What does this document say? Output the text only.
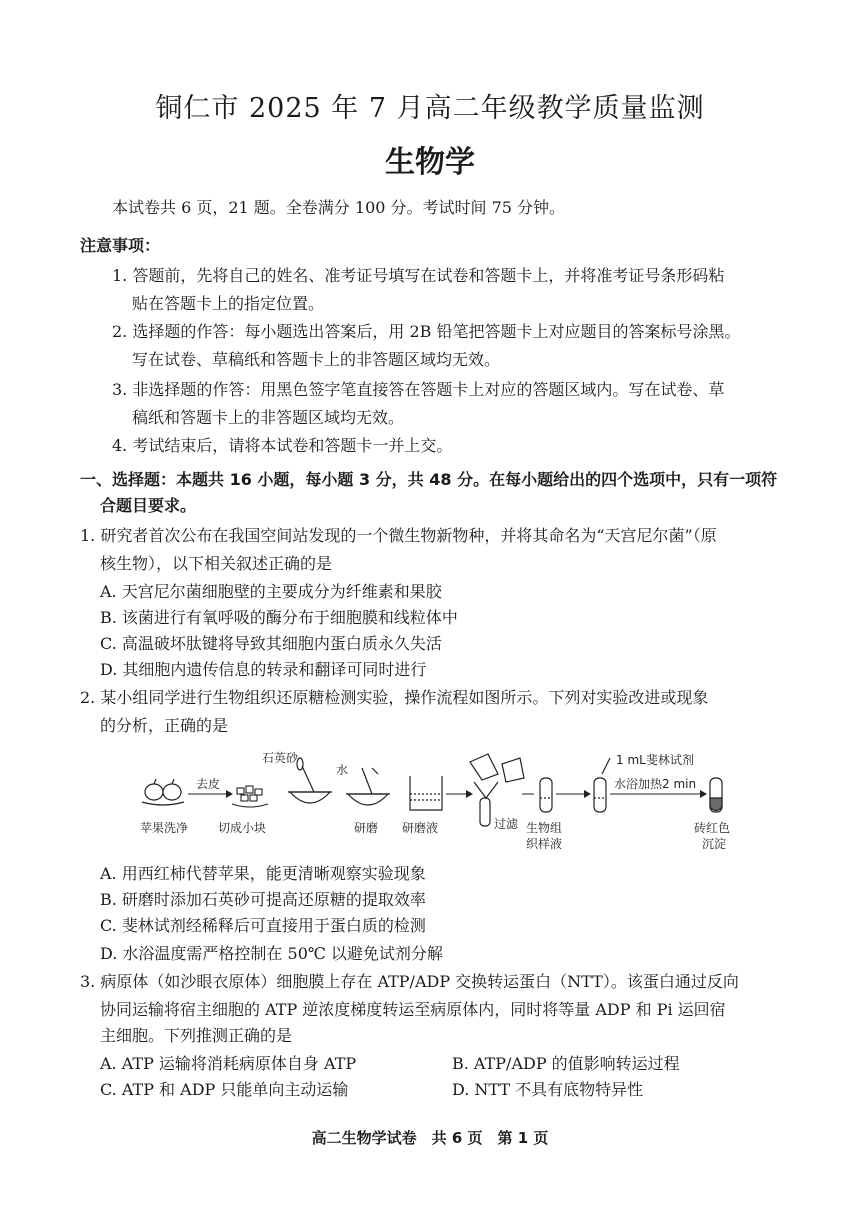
铜仁市 2025 年 7 月高二年级教学质量监测
生物学
本试卷共 6 页，21 题。全卷满分 100 分。考试时间 75 分钟。
注意事项：
1. 答题前，先将自己的姓名、准考证号填写在试卷和答题卡上，并将准考证号条形码粘
贴在答题卡上的指定位置。
2. 选择题的作答：每小题选出答案后，用 2B 铅笔把答题卡上对应题目的答案标号涂黑。
写在试卷、草稿纸和答题卡上的非答题区域均无效。
3. 非选择题的作答：用黑色签字笔直接答在答题卡上对应的答题区域内。写在试卷、草
稿纸和答题卡上的非答题区域均无效。
4. 考试结束后，请将本试卷和答题卡一并上交。
一、选择题：本题共 16 小题，每小题 3 分，共 48 分。在每小题给出的四个选项中，只有一项符
合题目要求。
1. 研究者首次公布在我国空间站发现的一个微生物新物种，并将其命名为“天宫尼尔菌”（原
核生物），以下相关叙述正确的是
A. 天宫尼尔菌细胞壁的主要成分为纤维素和果胶
B. 该菌进行有氧呼吸的酶分布于细胞膜和线粒体中
C. 高温破坏肽键将导致其细胞内蛋白质永久失活
D. 其细胞内遗传信息的转录和翻译可同时进行
2. 某小组同学进行生物组织还原糖检测实验，操作流程如图所示。下列对实验改进或现象
的分析，正确的是
苹果洗净
去皮
切成小块
石英砂
水
研磨 研磨液	过滤 生物组
织样液
1 mL斐林试剂
水浴加热2 min
砖红色
沉淀
A. 用西红柿代替苹果，能更清晰观察实验现象
B. 研磨时添加石英砂可提高还原糖的提取效率
C. 斐林试剂经稀释后可直接用于蛋白质的检测
D. 水浴温度需严格控制在 50℃ 以避免试剂分解
3. 病原体（如沙眼衣原体）细胞膜上存在 ATP/ADP 交换转运蛋白（NTT）。该蛋白通过反向
协同运输将宿主细胞的 ATP 逆浓度梯度转运至病原体内，同时将等量 ADP 和 Pi 运回宿
主细胞。下列推测正确的是
A. ATP 运输将消耗病原体自身 ATP	B. ATP/ADP 的值影响转运过程
C. ATP 和 ADP 只能单向主动运输	D. NTT 不具有底物特异性
高二生物学试卷　共 6 页　第 1 页
